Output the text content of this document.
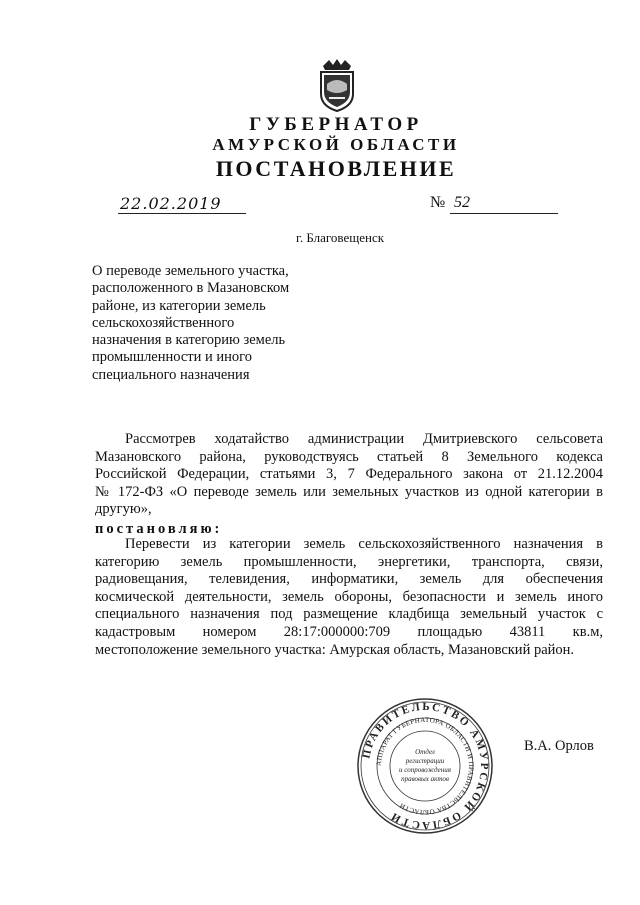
ГУБЕРНАТОР
АМУРСКОЙ ОБЛАСТИ
ПОСТАНОВЛЕНИЕ
22.02.2019	№ 52
г. Благовещенск
О переводе земельного участка,
расположенного в Мазановском
районе, из категории земель
сельскохозяйственного
назначения в категорию земель
промышленности и иного
специального назначения
Рассмотрев ходатайство администрации Дмитриевского сельсовета
Мазановского района, руководствуясь статьей 8 Земельного кодекса
Российской Федерации, статьями 3, 7 Федерального закона от 21.12.2004
№ 172-ФЗ «О переводе земель или земельных участков из одной категории в
другую»,
постановляю:
Перевести из категории земель сельскохозяйственного назначения в
категорию земель промышленности, энергетики, транспорта, связи,
радиовещания, телевидения, информатики, земель для обеспечения
космической деятельности, земель обороны, безопасности и земель иного
специального назначения под размещение кладбища земельный участок с
кадастровым номером 28:17:000000:709 площадью 43811 кв.м,
местоположение земельного участка: Амурская область, Мазановский район.
ПРАВИТЕЛЬСТВО АМУРСКОЙ ОБЛАСТИ
АППАРАТ ГУБЕРНАТОРА ОБЛАСТИ И ПРАВИТЕЛЬСТВА ОБЛАСТИ
Отдел
регистрации
и сопровождения
правовых актов
В.А. Орлов
